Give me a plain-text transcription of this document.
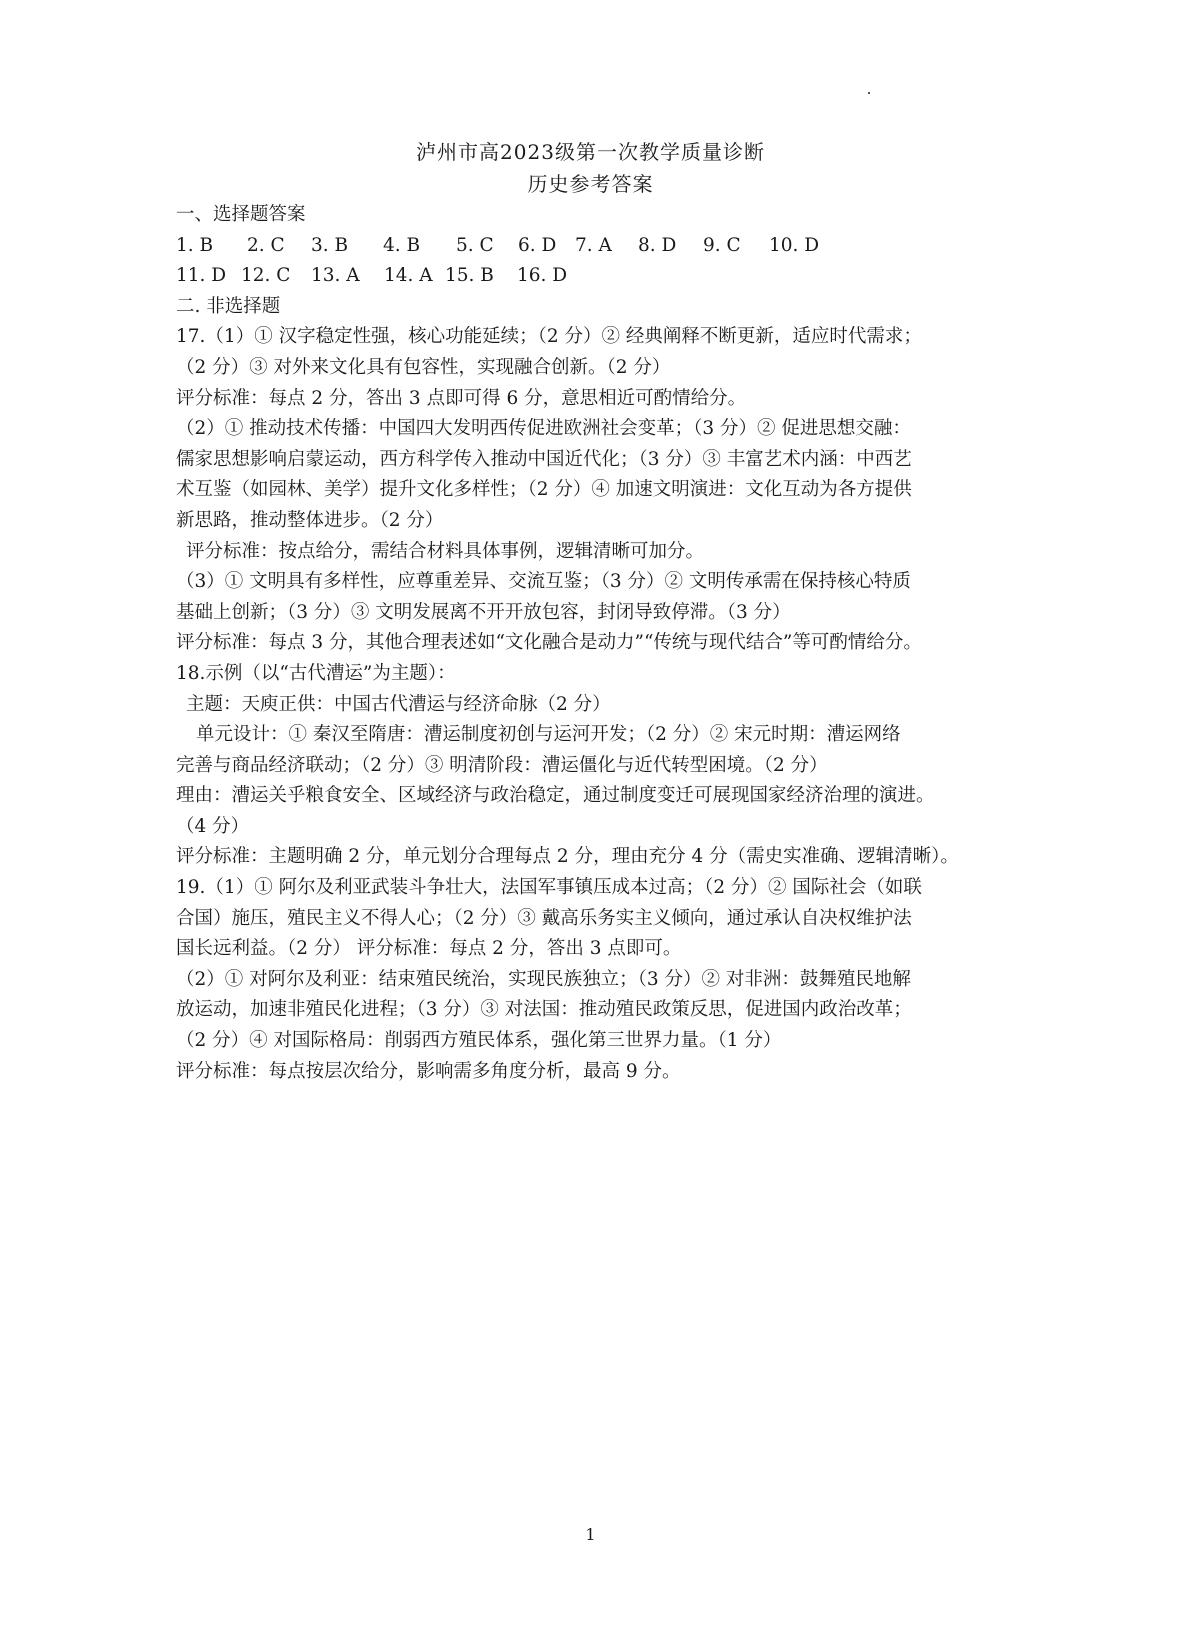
泸州市高2023级第一次教学质量诊断
历史参考答案
一、选择题答案
1. B	2. C	3. B	4. B	5. C	6. D	7. A	8. D	9. C	10. D
11. D 12. C	13. A	14. A 15. B	16. D
二. 非选择题
17.（1）① 汉字稳定性强，核心功能延续；（2 分）② 经典阐释不断更新，适应时代需求；
（2 分）③ 对外来文化具有包容性，实现融合创新。（2 分）
评分标准：每点 2 分，答出 3 点即可得 6 分，意思相近可酌情给分。
（2）① 推动技术传播：中国四大发明西传促进欧洲社会变革；（3 分）② 促进思想交融：
儒家思想影响启蒙运动，西方科学传入推动中国近代化；（3 分）③ 丰富艺术内涵：中西艺
术互鉴（如园林、美学）提升文化多样性；（2 分）④ 加速文明演进：文化互动为各方提供
新思路，推动整体进步。（2 分）
评分标准：按点给分，需结合材料具体事例，逻辑清晰可加分。
（3）① 文明具有多样性，应尊重差异、交流互鉴；（3 分）② 文明传承需在保持核心特质
基础上创新；（3 分）③ 文明发展离不开开放包容，封闭导致停滞。（3 分）
评分标准：每点 3 分，其他合理表述如“文化融合是动力”“传统与现代结合”等可酌情给分。
18.示例（以“古代漕运”为主题）：
主题：天庾正供：中国古代漕运与经济命脉（2 分）
单元设计：① 秦汉至隋唐：漕运制度初创与运河开发；（2 分）② 宋元时期：漕运网络
完善与商品经济联动；（2 分）③ 明清阶段：漕运僵化与近代转型困境。（2 分）
理由：漕运关乎粮食安全、区域经济与政治稳定，通过制度变迁可展现国家经济治理的演进。
（4 分）
评分标准：主题明确 2 分，单元划分合理每点 2 分，理由充分 4 分（需史实准确、逻辑清晰）。
19.（1）① 阿尔及利亚武装斗争壮大，法国军事镇压成本过高；（2 分）② 国际社会（如联
合国）施压，殖民主义不得人心；（2 分）③ 戴高乐务实主义倾向，通过承认自决权维护法
国长远利益。（2 分） 评分标准：每点 2 分，答出 3 点即可。
（2）① 对阿尔及利亚：结束殖民统治，实现民族独立；（3 分）② 对非洲：鼓舞殖民地解
放运动，加速非殖民化进程；（3 分）③ 对法国：推动殖民政策反思，促进国内政治改革；
（2 分）④ 对国际格局：削弱西方殖民体系，强化第三世界力量。（1 分）
评分标准：每点按层次给分，影响需多角度分析，最高 9 分。
1
